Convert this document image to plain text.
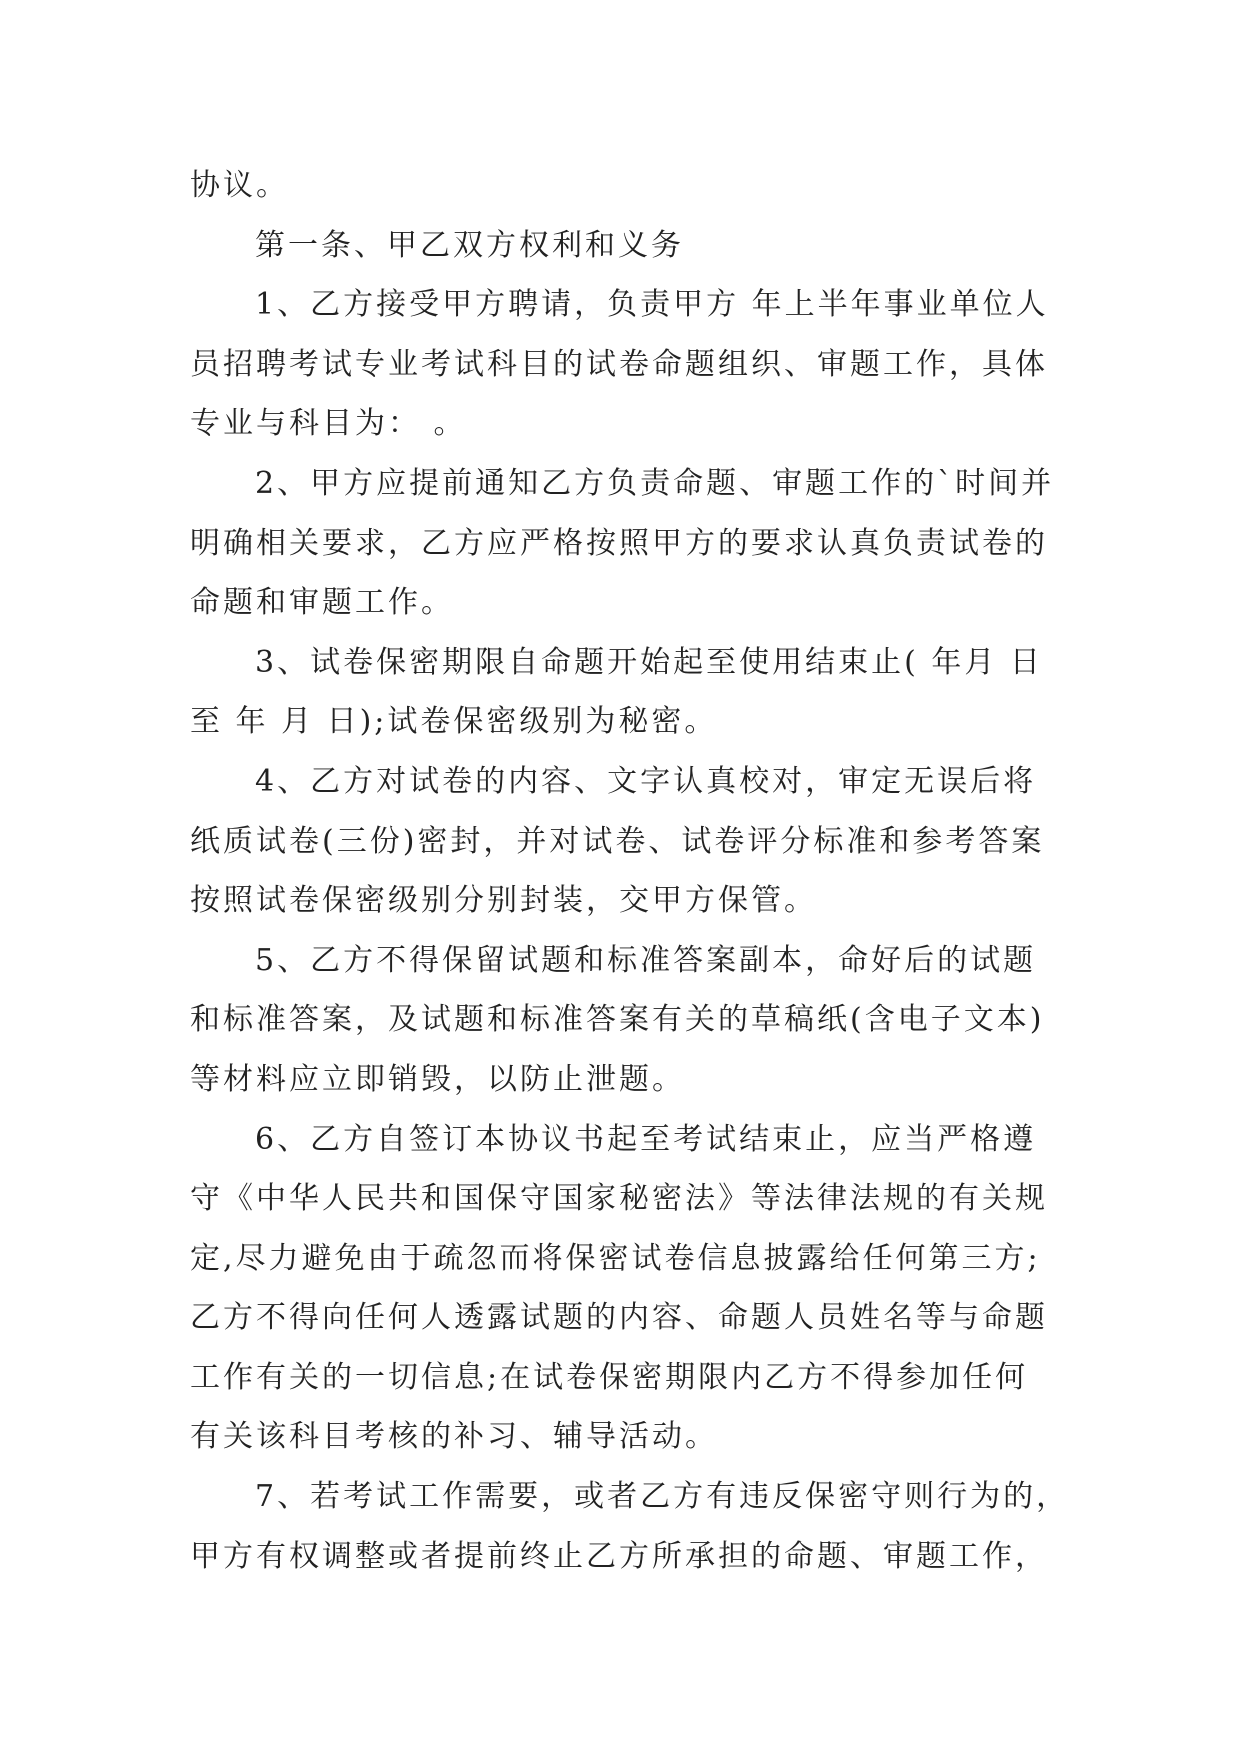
协议。

第一条、甲乙双方权利和义务

1、乙方接受甲方聘请，负责甲方 年上半年事业单位人

员招聘考试专业考试科目的试卷命题组织、审题工作，具体

专业与科目为： 。

2、甲方应提前通知乙方负责命题、审题工作的`时间并

明确相关要求，乙方应严格按照甲方的要求认真负责试卷的

命题和审题工作。

3、试卷保密期限自命题开始起至使用结束止( 年月 日

至 年 月 日);试卷保密级别为秘密。

4、乙方对试卷的内容、文字认真校对，审定无误后将

纸质试卷(三份)密封，并对试卷、试卷评分标准和参考答案

按照试卷保密级别分别封装，交甲方保管。

5、乙方不得保留试题和标准答案副本，命好后的试题

和标准答案，及试题和标准答案有关的草稿纸(含电子文本)

等材料应立即销毁，以防止泄题。

6、乙方自签订本协议书起至考试结束止，应当严格遵

守《中华人民共和国保守国家秘密法》等法律法规的有关规

定,尽力避免由于疏忽而将保密试卷信息披露给任何第三方;

乙方不得向任何人透露试题的内容、命题人员姓名等与命题

工作有关的一切信息;在试卷保密期限内乙方不得参加任何

有关该科目考核的补习、辅导活动。

7、若考试工作需要，或者乙方有违反保密守则行为的，

甲方有权调整或者提前终止乙方所承担的命题、审题工作，
